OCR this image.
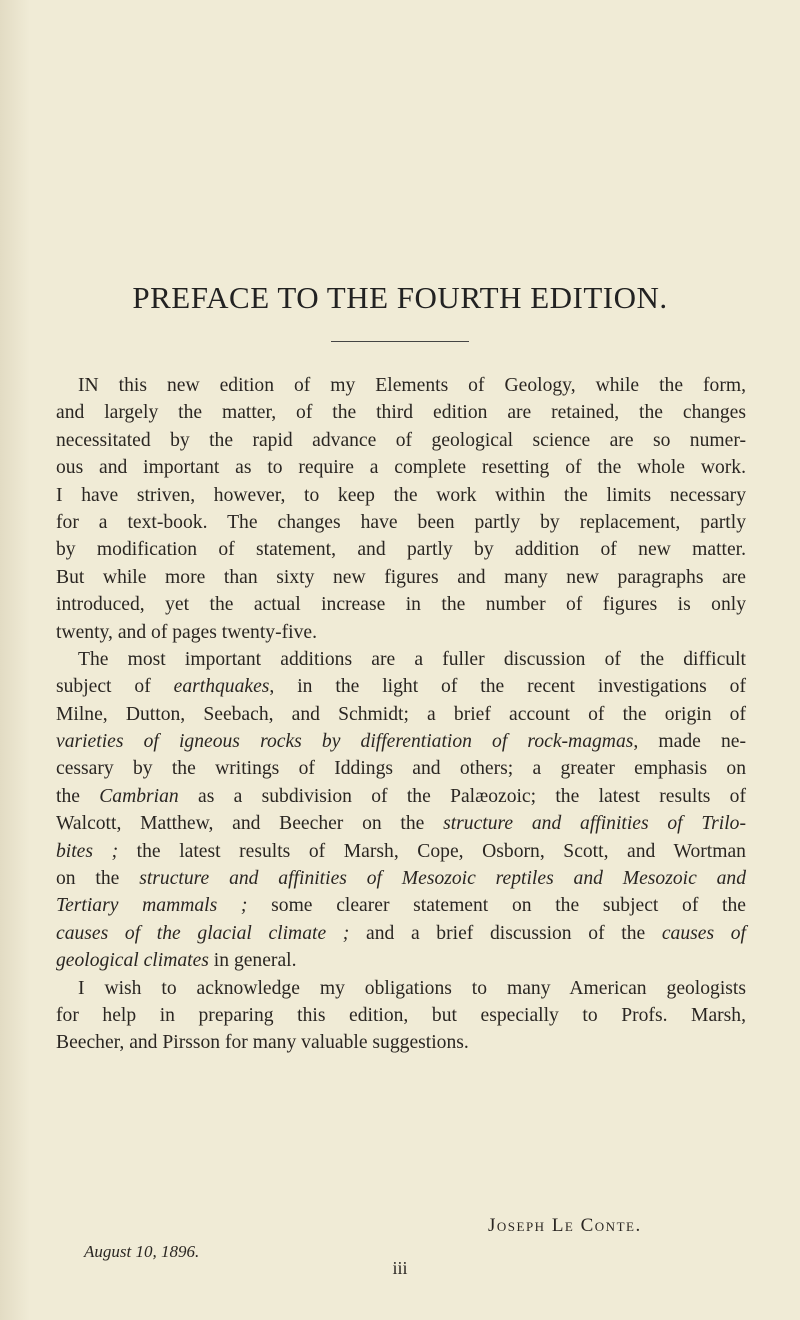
PREFACE TO THE FOURTH EDITION.
IN this new edition of my Elements of Geology, while the form,
and largely the matter, of the third edition are retained, the changes
necessitated by the rapid advance of geological science are so numer-
ous and important as to require a complete resetting of the whole work.
I have striven, however, to keep the work within the limits necessary
for a text-book. The changes have been partly by replacement, partly
by modification of statement, and partly by addition of new matter.
But while more than sixty new figures and many new paragraphs are
introduced, yet the actual increase in the number of figures is only
twenty, and of pages twenty-five.
The most important additions are a fuller discussion of the difficult
subject of earthquakes, in the light of the recent investigations of
Milne, Dutton, Seebach, and Schmidt; a brief account of the origin of
varieties of igneous rocks by differentiation of rock-magmas, made ne-
cessary by the writings of Iddings and others; a greater emphasis on
the Cambrian as a subdivision of the Palæozoic; the latest results of
Walcott, Matthew, and Beecher on the structure and affinities of Trilo-
bites ; the latest results of Marsh, Cope, Osborn, Scott, and Wortman
on the structure and affinities of Mesozoic reptiles and Mesozoic and
Tertiary mammals ; some clearer statement on the subject of the
causes of the glacial climate ; and a brief discussion of the causes of
geological climates in general.
I wish to acknowledge my obligations to many American geologists
for help in preparing this edition, but especially to Profs. Marsh,
Beecher, and Pirsson for many valuable suggestions.
Joseph Le Conte.
August 10, 1896.
iii
